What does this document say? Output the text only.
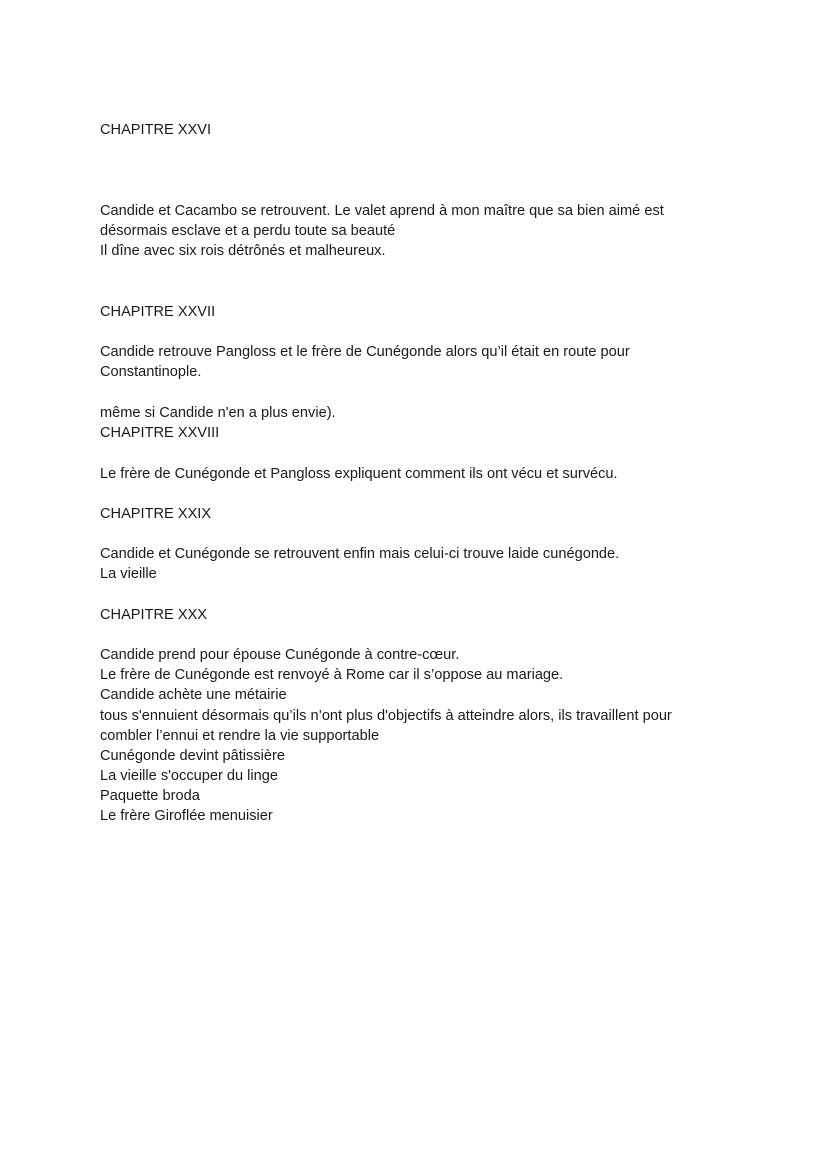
CHAPITRE XXVI
Candide et Cacambo se retrouvent. Le valet aprend à mon maître que sa bien aimé est
désormais esclave et a perdu toute sa beauté
Il dîne avec six rois détrônés et malheureux.
CHAPITRE XXVII
Candide retrouve Pangloss et le frère de Cunégonde alors qu’il était en route pour
Constantinople.
même si Candide n'en a plus envie).
CHAPITRE XXVIII
Le frère de Cunégonde et Pangloss expliquent comment ils ont vécu et survécu.
CHAPITRE XXIX
Candide et Cunégonde se retrouvent enfin mais celui-ci trouve laide cunégonde.
La vieille
CHAPITRE XXX
Candide prend pour épouse Cunégonde à contre-cœur.
Le frère de Cunégonde est renvoyé à Rome car il s’oppose au mariage.
Candide achète une métairie
tous s'ennuient désormais qu’ils n’ont plus d'objectifs à atteindre alors, ils travaillent pour
combler l’ennui et rendre la vie supportable
Cunégonde devint pâtissière
La vieille s'occuper du linge
Paquette broda
Le frère Giroflée menuisier
